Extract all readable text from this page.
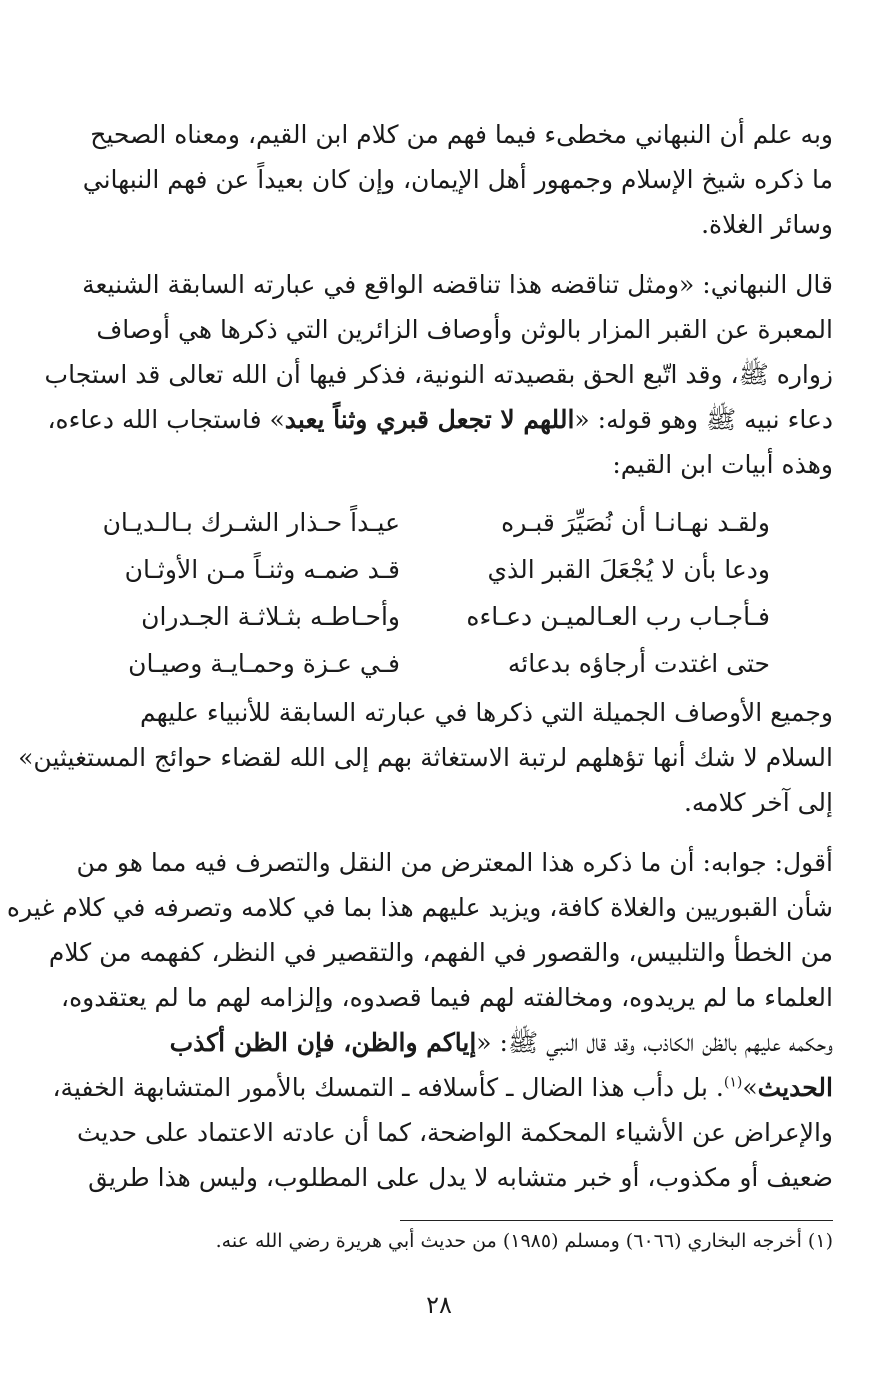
وبه علم أن النبهاني مخطىء فيما فهم من كلام ابن القيم، ومعناه الصحيح
ما ذكره شيخ الإسلام وجمهور أهل الإيمان، وإن كان بعيداً عن فهم النبهاني
وسائر الغلاة.

قال النبهاني: «ومثل تناقضه هذا تناقضه الواقع في عبارته السابقة الشنيعة
المعبرة عن القبر المزار بالوثن وأوصاف الزائرين التي ذكرها هي أوصاف
زواره ﷺ، وقد اتّبع الحق بقصيدته النونية، فذكر فيها أن الله تعالى قد استجاب
دعاء نبيه ﷺ وهو قوله: «اللهم لا تجعل قبري وثناً يعبد» فاستجاب الله دعاءه،
وهذه أبيات ابن القيم:

ولقـد نهـانـا أن نُصَيِّرَ قبـره
عيـداً حـذار الشـرك بـالـديـان
ودعا بأن لا يُجْعَلَ القبر الذي
قـد ضمـه وثنـاً مـن الأوثـان
فـأجـاب رب العـالميـن دعـاءه
وأحـاطـه بثـلاثـة الجـدران
حتى اغتدت أرجاؤه بدعائه
فـي عـزة وحمـايـة وصيـان

وجميع الأوصاف الجميلة التي ذكرها في عبارته السابقة للأنبياء عليهم
السلام لا شك أنها تؤهلهم لرتبة الاستغاثة بهم إلى الله لقضاء حوائج المستغيثين»
إلى آخر كلامه.

أقول: جوابه: أن ما ذكره هذا المعترض من النقل والتصرف فيه مما هو من
شأن القبوريين والغلاة كافة، ويزيد عليهم هذا بما في كلامه وتصرفه في كلام غيره
من الخطأ والتلبيس، والقصور في الفهم، والتقصير في النظر، كفهمه من كلام
العلماء ما لم يريدوه، ومخالفته لهم فيما قصدوه، وإلزامه لهم ما لم يعتقدوه،
وحكمه عليهم بالظن الكاذب، وقد قال النبي ﷺ: «إياكم والظن، فإن الظن أكذب
الحديث»$^{(١)}$. بل دأب هذا الضال ـ كأسلافه ـ التمسك بالأمور المتشابهة الخفية،
والإعراض عن الأشياء المحكمة الواضحة، كما أن عادته الاعتماد على حديث
ضعيف أو مكذوب، أو خبر متشابه لا يدل على المطلوب، وليس هذا طريق

(١) أخرجه البخاري (٦٠٦٦) ومسلم (١٩٨٥) من حديث أبي هريرة رضي الله عنه.
٢٨
